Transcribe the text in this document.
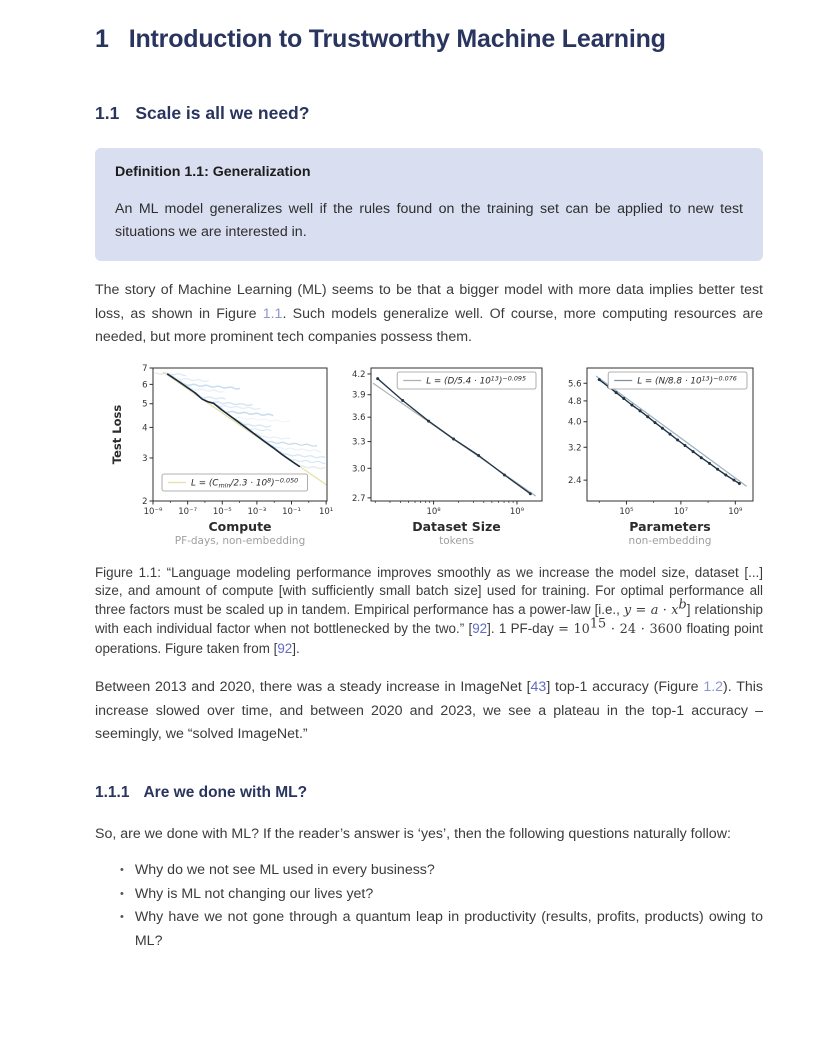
1 Introduction to Trustworthy Machine Learning
1.1 Scale is all we need?
Definition 1.1: Generalization
An ML model generalizes well if the rules found on the training set can be applied to new test situations we are interested in.

The story of Machine Learning (ML) seems to be that a bigger model with more data implies better test loss, as shown in Figure 1.1. Such models generalize well. Of course, more computing resources are needed, but more prominent tech companies possess them.

10⁻⁹ 10⁻⁷ 10⁻⁵ 10⁻³ 10⁻¹ 10¹
2
3
4
5
6
7
Compute
PF-days, non-embedding
Test Loss
$L = (C_{min}/2.3 \cdot 10^8)^{-0.050}$
10⁸	10⁹
2.7
3.0
3.3
3.6
3.9
4.2
Dataset Size
tokens
$L = (D/5.4 \cdot 10^{13})^{-0.095}$
10⁵	10⁷	10⁹
2.4
3.2
4.0
4.8
5.6
Parameters
non-embedding
$L = (N/8.8 \cdot 10^{13})^{-0.076}$

Figure 1.1: “Language modeling performance improves smoothly as we increase the model size, dataset [...] size, and amount of compute [with sufficiently small batch size] used for training. For optimal performance all three factors must be scaled up in tandem. Empirical performance has a power-law [i.e., $y = a \cdot x^b$] relationship with each individual factor when not bottlenecked by the two.” [92]. 1 $PF-day = 10^{15} \cdot 24 \cdot 3600$ floating point operations. Figure taken from [92].

Between 2013 and 2020, there was a steady increase in ImageNet [43] top-1 accuracy (Figure 1.2). This increase slowed over time, and between 2020 and 2023, we see a plateau in the top-1 accuracy – seemingly, we “solved ImageNet.”

1.1.1 Are we done with ML?

So, are we done with ML? If the reader’s answer is ‘yes’, then the following questions naturally follow:

• Why do we not see ML used in every business?
• Why is ML not changing our lives yet?
• Why have we not gone through a quantum leap in productivity (results, profits, products) owing to ML?
